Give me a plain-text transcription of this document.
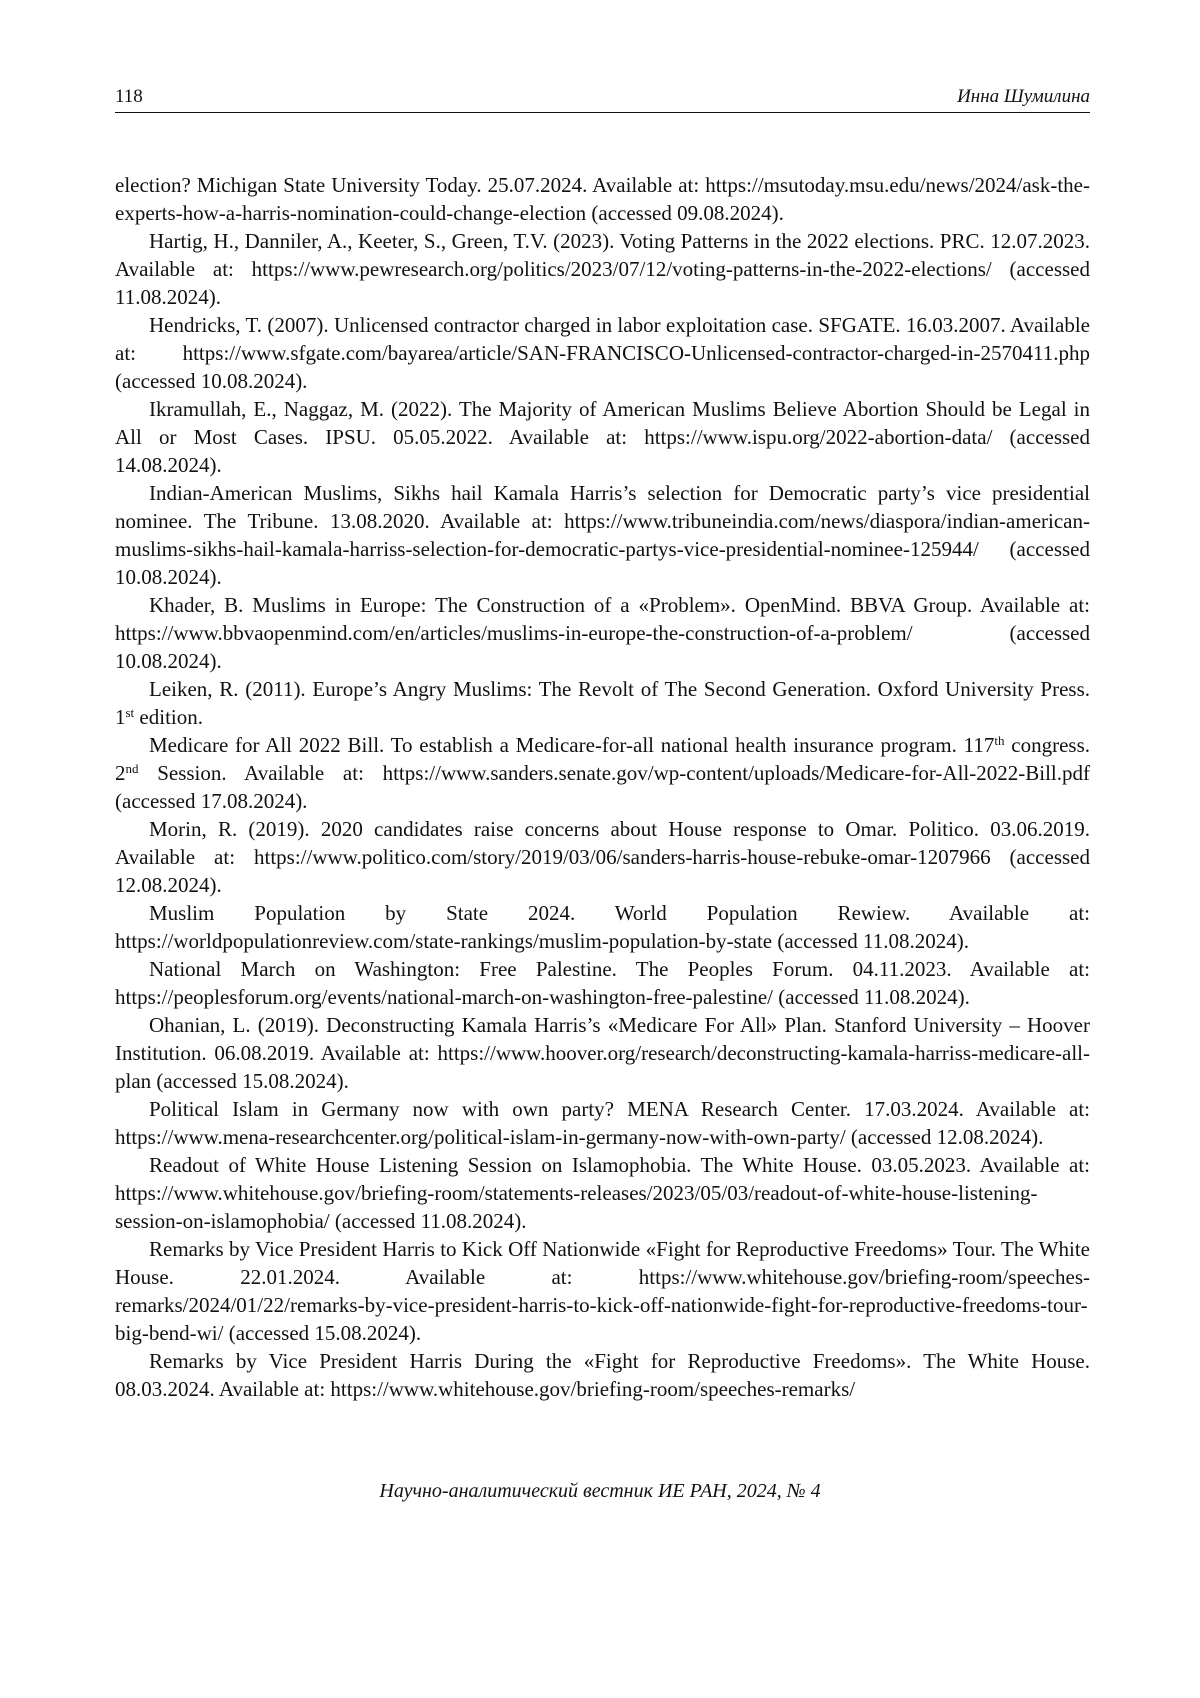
118	Инна Шумилина

election? Michigan State University Today. 25.07.2024. Available at: https://msutoday.msu.edu/news/2024/ask-the-experts-how-a-harris-nomination-could-change-election (accessed 09.08.2024).

Hartig, H., Danniler, A., Keeter, S., Green, T.V. (2023). Voting Patterns in the 2022 elections. PRC. 12.07.2023. Available at: https://www.pewresearch.org/politics/2023/07/12/voting-patterns-in-the-2022-elections/ (accessed 11.08.2024).

Hendricks, T. (2007). Unlicensed contractor charged in labor exploitation case. SFGATE. 16.03.2007. Available at: https://www.sfgate.com/bayarea/article/SAN-FRANCISCO-Unlicensed-contractor-charged-in-2570411.php (accessed 10.08.2024).

Ikramullah, E., Naggaz, M. (2022). The Majority of American Muslims Believe Abortion Should be Legal in All or Most Cases. IPSU. 05.05.2022. Available at: https://www.ispu.org/2022-abortion-data/ (accessed 14.08.2024).

Indian-American Muslims, Sikhs hail Kamala Harris’s selection for Democratic party’s vice presidential nominee. The Tribune. 13.08.2020. Available at: https://www.tribuneindia.com/news/diaspora/indian-american-muslims-sikhs-hail-kamala-harriss-selection-for-democratic-partys-vice-presidential-nominee-125944/ (accessed 10.08.2024).

Khader, B. Muslims in Europe: The Construction of a «Problem». OpenMind. BBVA Group. Available at: https://www.bbvaopenmind.com/en/articles/muslims-in-europe-the-construction-of-a-problem/ (accessed 10.08.2024).

Leiken, R. (2011). Europe’s Angry Muslims: The Revolt of The Second Generation. Oxford University Press. 1st edition.

Medicare for All 2022 Bill. To establish a Medicare-for-all national health insurance program. 117th congress. 2nd Session. Available at: https://www.sanders.senate.gov/wp-content/uploads/Medicare-for-All-2022-Bill.pdf (accessed 17.08.2024).

Morin, R. (2019). 2020 candidates raise concerns about House response to Omar. Politico. 03.06.2019. Available at: https://www.politico.com/story/2019/03/06/sanders-harris-house-rebuke-omar-1207966 (accessed 12.08.2024).

Muslim Population by State 2024. World Population Rewiew. Available at: https://worldpopulationreview.com/state-rankings/muslim-population-by-state (accessed 11.08.2024).

National March on Washington: Free Palestine. The Peoples Forum. 04.11.2023. Available at: https://peoplesforum.org/events/national-march-on-washington-free-palestine/ (accessed 11.08.2024).

Ohanian, L. (2019). Deconstructing Kamala Harris’s «Medicare For All» Plan. Stanford University – Hoover Institution. 06.08.2019. Available at: https://www.hoover.org/research/deconstructing-kamala-harriss-medicare-all-plan (accessed 15.08.2024).

Political Islam in Germany now with own party? MENA Research Center. 17.03.2024. Available at: https://www.mena-researchcenter.org/political-islam-in-germany-now-with-own-party/ (accessed 12.08.2024).

Readout of White House Listening Session on Islamophobia. The White House. 03.05.2023. Available at: https://www.whitehouse.gov/briefing-room/statements-releases/2023/05/03/readout-of-white-house-listening-session-on-islamophobia/ (accessed 11.08.2024).

Remarks by Vice President Harris to Kick Off Nationwide «Fight for Reproductive Freedoms» Tour. The White House. 22.01.2024. Available at: https://www.whitehouse.gov/briefing-room/speeches-remarks/2024/01/22/remarks-by-vice-president-harris-to-kick-off-nationwide-fight-for-reproductive-freedoms-tour-big-bend-wi/ (accessed 15.08.2024).

Remarks by Vice President Harris During the «Fight for Reproductive Freedoms». The White House. 08.03.2024. Available at: https://www.whitehouse.gov/briefing-room/speeches-remarks/

Научно-аналитический вестник ИЕ РАН, 2024, № 4
